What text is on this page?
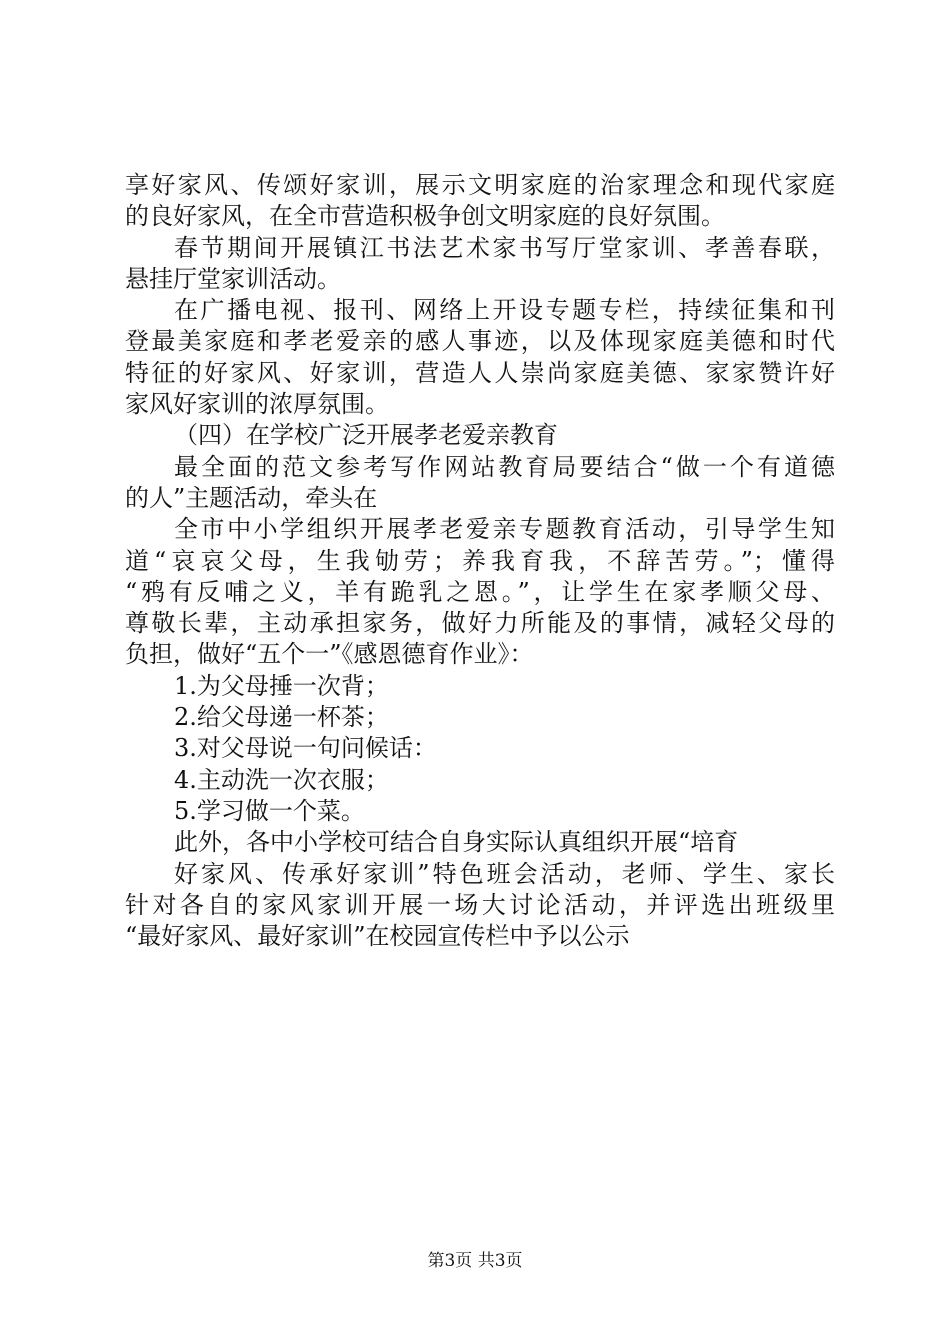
享好家风、传颂好家训，展示文明家庭的治家理念和现代家庭
的良好家风，在全市营造积极争创文明家庭的良好氛围。
春节期间开展镇江书法艺术家书写厅堂家训、孝善春联，
悬挂厅堂家训活动。
在广播电视、报刊、网络上开设专题专栏，持续征集和刊
登最美家庭和孝老爱亲的感人事迹，以及体现家庭美德和时代
特征的好家风、好家训，营造人人崇尚家庭美德、家家赞许好
家风好家训的浓厚氛围。
（四）在学校广泛开展孝老爱亲教育
最全面的范文参考写作网站教育局要结合“做一个有道德
的人”主题活动，牵头在
全市中小学组织开展孝老爱亲专题教育活动，引导学生知
道“哀哀父母，生我劬劳；养我育我，不辞苦劳。”；懂得
“鸦有反哺之义，羊有跪乳之恩。”，让学生在家孝顺父母、
尊敬长辈，主动承担家务，做好力所能及的事情，减轻父母的
负担，做好“五个一”《感恩德育作业》：
1.为父母捶一次背；
2.给父母递一杯茶；
3.对父母说一句问候话：
4.主动洗一次衣服；
5.学习做一个菜。
此外，各中小学校可结合自身实际认真组织开展“培育
好家风、传承好家训”特色班会活动，老师、学生、家长
针对各自的家风家训开展一场大讨论活动，并评选出班级里
“最好家风、最好家训”在校园宣传栏中予以公示
第3页 共3页
